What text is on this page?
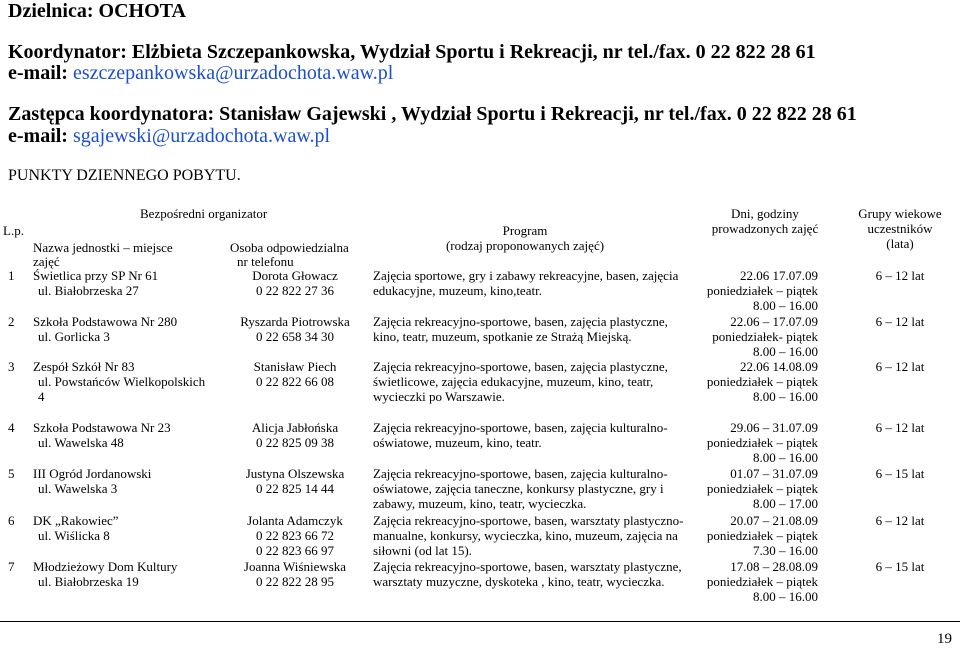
Dzielnica: OCHOTA
Koordynator: Elżbieta Szczepankowska, Wydział Sportu i Rekreacji, nr tel./fax. 0 22 822 28 61
e-mail: eszczepankowska@urzadochota.waw.pl
Zastępca koordynatora: Stanisław Gajewski , Wydział Sportu i Rekreacji, nr tel./fax. 0 22 822 28 61
e-mail: sgajewski@urzadochota.waw.pl
PUNKTY DZIENNEGO POBYTU.
L.p.
Bezpośredni organizator
Nazwa jednostki – miejsce
zajęć
Osoba odpowiedzialna
nr telefonu
Program
(rodzaj proponowanych zajęć)
Dni, godziny
prowadzonych zajęć
Grupy wiekowe
uczestników
(lata)
1 Świetlica przy SP Nr 61
ul. Białobrzeska 27
Dorota Głowacz
0 22 822 27 36
Zajęcia sportowe, gry i zabawy rekreacyjne, basen, zajęcia
edukacyjne, muzeum, kino,teatr.
22.06 17.07.09
poniedziałek – piątek
8.00 – 16.00
6 – 12 lat
2 Szkoła Podstawowa Nr 280
ul. Gorlicka 3
Ryszarda Piotrowska
0 22 658 34 30
Zajęcia rekreacyjno-sportowe, basen, zajęcia plastyczne,
kino, teatr, muzeum, spotkanie ze Strażą Miejską.
22.06 – 17.07.09
poniedziałek- piątek
8.00 – 16.00
6 – 12 lat
3 Zespół Szkół Nr 83
ul. Powstańców Wielkopolskich
4
Stanisław Piech
0 22 822 66 08
Zajęcia rekreacyjno-sportowe, basen, zajęcia plastyczne,
świetlicowe, zajęcia edukacyjne, muzeum, kino, teatr,
wycieczki po Warszawie.
22.06 14.08.09
poniedziałek – piątek
8.00 – 16.00
6 – 12 lat
4 Szkoła Podstawowa Nr 23
ul. Wawelska 48
Alicja Jabłońska
0 22 825 09 38
Zajęcia rekreacyjno-sportowe, basen, zajęcia kulturalno-
oświatowe, muzeum, kino, teatr.
29.06 – 31.07.09
poniedziałek – piątek
8.00 – 16.00
6 – 12 lat
5 III Ogród Jordanowski
ul. Wawelska 3
Justyna Olszewska
0 22 825 14 44
Zajęcia rekreacyjno-sportowe, basen, zajęcia kulturalno-
oświatowe, zajęcia taneczne, konkursy plastyczne, gry i
zabawy, muzeum, kino, teatr, wycieczka.
01.07 – 31.07.09
poniedziałek – piątek
8.00 – 17.00
6 – 15 lat
6 DK „Rakowiec”
ul. Wiślicka 8
Jolanta Adamczyk
0 22 823 66 72
0 22 823 66 97
Zajęcia rekreacyjno-sportowe, basen, warsztaty plastyczno-
manualne, konkursy, wycieczka, kino, muzeum, zajęcia na
siłowni (od lat 15).
20.07 – 21.08.09
poniedziałek – piątek
7.30 – 16.00
6 – 12 lat
7 Młodzieżowy Dom Kultury
ul. Białobrzeska 19
Joanna Wiśniewska
0 22 822 28 95
Zajęcia rekreacyjno-sportowe, basen, warsztaty plastyczne,
warsztaty muzyczne, dyskoteka , kino, teatr, wycieczka.
17.08 – 28.08.09
poniedziałek – piątek
8.00 – 16.00
6 – 15 lat
19
